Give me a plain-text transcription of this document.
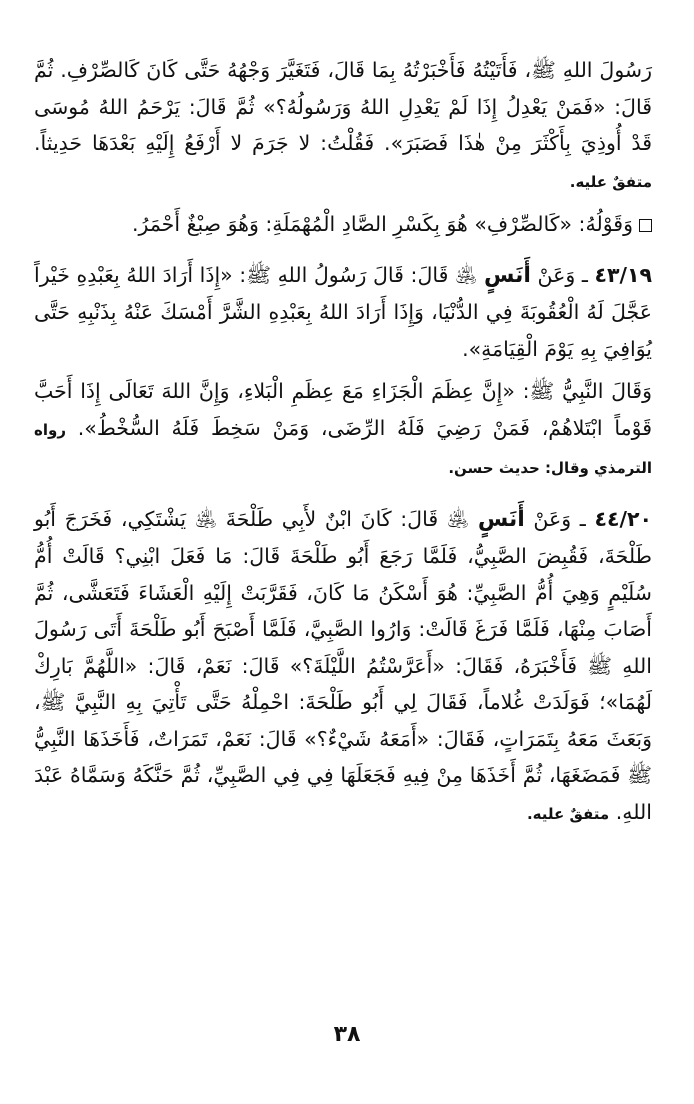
رَسُولَ اللهِ ﷺ، فَأَتَيْتُهُ فَأَخْبَرْتُهُ بِمَا قَالَ، فَتَغَيَّرَ وَجْهُهُ حَتَّى كَانَ كَالصِّرْفِ. ثُمَّ قَالَ: «فَمَنْ يَعْدِلُ إِذَا لَمْ يَعْدِلِ اللهُ وَرَسُولُهُ؟» ثُمَّ قَالَ: يَرْحَمُ اللهُ مُوسَى قَدْ أُوذِيَ بِأَكْثَرَ مِنْ هٰذَا فَصَبَرَ». فَقُلْتُ: لا جَرَمَ لا أَرْفَعُ إِلَيْهِ بَعْدَهَا حَدِيثاً. متفقٌ عليه.

وَقَوْلُهُ: «كَالصِّرْفِ» هُوَ بِكَسْرِ الصَّادِ الْمُهْمَلَةِ: وَهُوَ صِبْغٌ أَحْمَرُ.

٤٣/١٩ ـ وَعَنْ أَنَسٍ ﵁ قَالَ: قَالَ رَسُولُ اللهِ ﷺ: «إِذَا أَرَادَ اللهُ بِعَبْدِهِ خَيْراً عَجَّلَ لَهُ الْعُقُوبَةَ فِي الدُّنْيَا، وَإِذَا أَرَادَ اللهُ بِعَبْدِهِ الشَّرَّ أَمْسَكَ عَنْهُ بِذَنْبِهِ حَتَّى يُوَافِيَ بِهِ يَوْمَ الْقِيَامَةِ».

وَقَالَ النَّبِيُّ ﷺ: «إِنَّ عِظَمَ الْجَزَاءِ مَعَ عِظَمِ الْبَلاءِ، وَإِنَّ اللهَ تَعَالَى إِذَا أَحَبَّ قَوْماً ابْتَلاهُمْ، فَمَنْ رَضِيَ فَلَهُ الرِّضَى، وَمَنْ سَخِطَ فَلَهُ السُّخْطُ». رواه الترمذي وقال: حديث حسن.

٤٤/٢٠ ـ وَعَنْ أَنَسٍ ﵁ قَالَ: كَانَ ابْنٌ لأَبِي طَلْحَةَ ﵁ يَشْتَكِي، فَخَرَجَ أَبُو طَلْحَةَ، فَقُبِضَ الصَّبِيُّ، فَلَمَّا رَجَعَ أَبُو طَلْحَةَ قَالَ: مَا فَعَلَ ابْنِي؟ قَالَتْ أُمُّ سُلَيْمٍ وَهِيَ أُمُّ الصَّبِيِّ: هُوَ أَسْكَنُ مَا كَانَ، فَقَرَّبَتْ إِلَيْهِ الْعَشَاءَ فَتَعَشَّى، ثُمَّ أَصَابَ مِنْهَا، فَلَمَّا فَرَغَ قَالَتْ: وَارُوا الصَّبِيَّ، فَلَمَّا أَصْبَحَ أَبُو طَلْحَةَ أَتَى رَسُولَ اللهِ ﷺ فَأَخْبَرَهُ، فَقَالَ: «أَعَرَّسْتُمُ اللَّيْلَةَ؟» قَالَ: نَعَمْ، قَالَ: «اللَّهُمَّ بَارِكْ لَهُمَا»؛ فَوَلَدَتْ غُلاماً، فَقَالَ لِي أَبُو طَلْحَةَ: احْمِلْهُ حَتَّى تَأْتِيَ بِهِ النَّبِيَّ ﷺ، وَبَعَثَ مَعَهُ بِتَمَرَاتٍ، فَقَالَ: «أَمَعَهُ شَيْءٌ؟» قَالَ: نَعَمْ، تَمَرَاتٌ، فَأَخَذَهَا النَّبِيُّ ﷺ فَمَضَغَهَا، ثُمَّ أَخَذَهَا مِنْ فِيهِ فَجَعَلَهَا فِي فِي الصَّبِيِّ، ثُمَّ حَنَّكَهُ وَسَمَّاهُ عَبْدَ اللهِ. متفقٌ عليه.

٣٨
